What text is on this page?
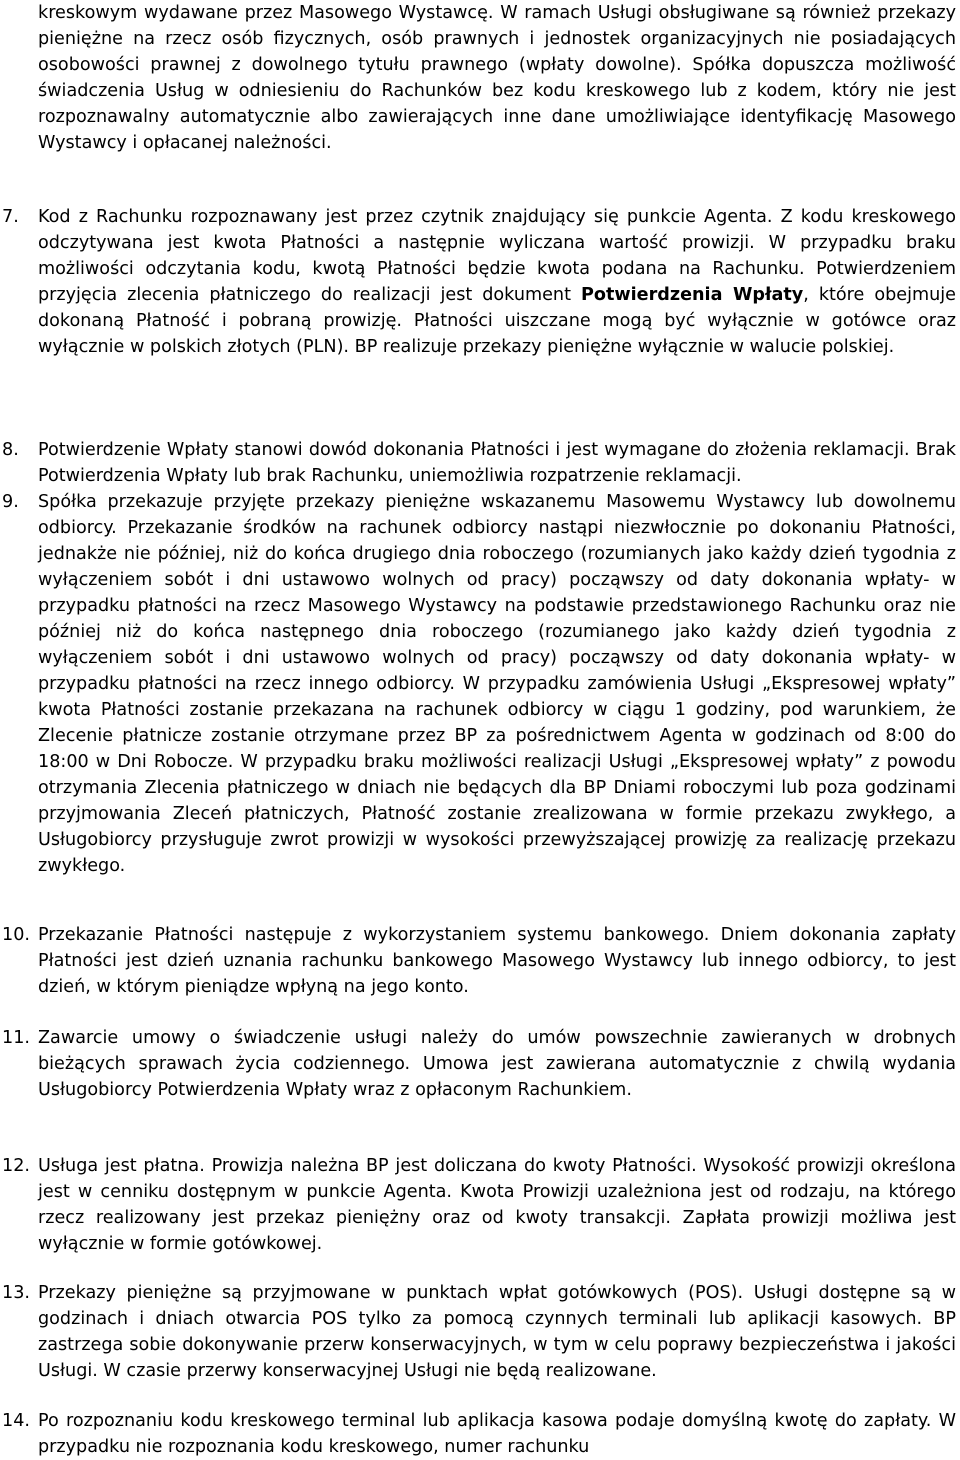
kreskowym wydawane przez Masowego Wystawcę. W ramach Usługi obsługiwane są również przekazy pieniężne na rzecz osób fizycznych, osób prawnych i jednostek organizacyjnych nie posiadających osobowości prawnej z dowolnego tytułu prawnego (wpłaty dowolne). Spółka dopuszcza możliwość świadczenia Usług w odniesieniu do Rachunków bez kodu kreskowego lub z kodem, który nie jest rozpoznawalny automatycznie albo zawierających inne dane umożliwiające identyfikację Masowego Wystawcy i opłacanej należności.

7. Kod z Rachunku rozpoznawany jest przez czytnik znajdujący się punkcie Agenta. Z kodu kreskowego odczytywana jest kwota Płatności a następnie wyliczana wartość prowizji. W przypadku braku możliwości odczytania kodu, kwotą Płatności będzie kwota podana na Rachunku. Potwierdzeniem przyjęcia zlecenia płatniczego do realizacji jest dokument Potwierdzenia Wpłaty, które obejmuje dokonaną Płatność i pobraną prowizję. Płatności uiszczane mogą być wyłącznie w gotówce oraz wyłącznie w polskich złotych (PLN). BP realizuje przekazy pieniężne wyłącznie w walucie polskiej.

8. Potwierdzenie Wpłaty stanowi dowód dokonania Płatności i jest wymagane do złożenia reklamacji. Brak Potwierdzenia Wpłaty lub brak Rachunku, uniemożliwia rozpatrzenie reklamacji.

9. Spółka przekazuje przyjęte przekazy pieniężne wskazanemu Masowemu Wystawcy lub dowolnemu odbiorcy. Przekazanie środków na rachunek odbiorcy nastąpi niezwłocznie po dokonaniu Płatności, jednakże nie później, niż do końca drugiego dnia roboczego (rozumianych jako każdy dzień tygodnia z wyłączeniem sobót i dni ustawowo wolnych od pracy) począwszy od daty dokonania wpłaty- w przypadku płatności na rzecz Masowego Wystawcy na podstawie przedstawionego Rachunku oraz nie później niż do końca następnego dnia roboczego (rozumianego jako każdy dzień tygodnia z wyłączeniem sobót i dni ustawowo wolnych od pracy) począwszy od daty dokonania wpłaty- w przypadku płatności na rzecz innego odbiorcy. W przypadku zamówienia Usługi „Ekspresowej wpłaty” kwota Płatności zostanie przekazana na rachunek odbiorcy w ciągu 1 godziny, pod warunkiem, że Zlecenie płatnicze zostanie otrzymane przez BP za pośrednictwem Agenta w godzinach od 8:00 do 18:00 w Dni Robocze. W przypadku braku możliwości realizacji Usługi „Ekspresowej wpłaty” z powodu otrzymania Zlecenia płatniczego w dniach nie będących dla BP Dniami roboczymi lub poza godzinami przyjmowania Zleceń płatniczych, Płatność zostanie zrealizowana w formie przekazu zwykłego, a Usługobiorcy przysługuje zwrot prowizji w wysokości przewyższającej prowizję za realizację przekazu zwykłego.

10. Przekazanie Płatności następuje z wykorzystaniem systemu bankowego. Dniem dokonania zapłaty Płatności jest dzień uznania rachunku bankowego Masowego Wystawcy lub innego odbiorcy, to jest dzień, w którym pieniądze wpłyną na jego konto.

11. Zawarcie umowy o świadczenie usługi należy do umów powszechnie zawieranych w drobnych bieżących sprawach życia codziennego. Umowa jest zawierana automatycznie z chwilą wydania Usługobiorcy Potwierdzenia Wpłaty wraz z opłaconym Rachunkiem.

12. Usługa jest płatna. Prowizja należna BP jest doliczana do kwoty Płatności. Wysokość prowizji określona jest w cenniku dostępnym w punkcie Agenta. Kwota Prowizji uzależniona jest od rodzaju, na którego rzecz realizowany jest przekaz pieniężny oraz od kwoty transakcji. Zapłata prowizji możliwa jest wyłącznie w formie gotówkowej.

13. Przekazy pieniężne są przyjmowane w punktach wpłat gotówkowych (POS). Usługi dostępne są w godzinach i dniach otwarcia POS tylko za pomocą czynnych terminali lub aplikacji kasowych. BP zastrzega sobie dokonywanie przerw konserwacyjnych, w tym w celu poprawy bezpieczeństwa i jakości Usługi. W czasie przerwy konserwacyjnej Usługi nie będą realizowane.

14. Po rozpoznaniu kodu kreskowego terminal lub aplikacja kasowa podaje domyślną kwotę do zapłaty. W przypadku nie rozpoznania kodu kreskowego, numer rachunku
